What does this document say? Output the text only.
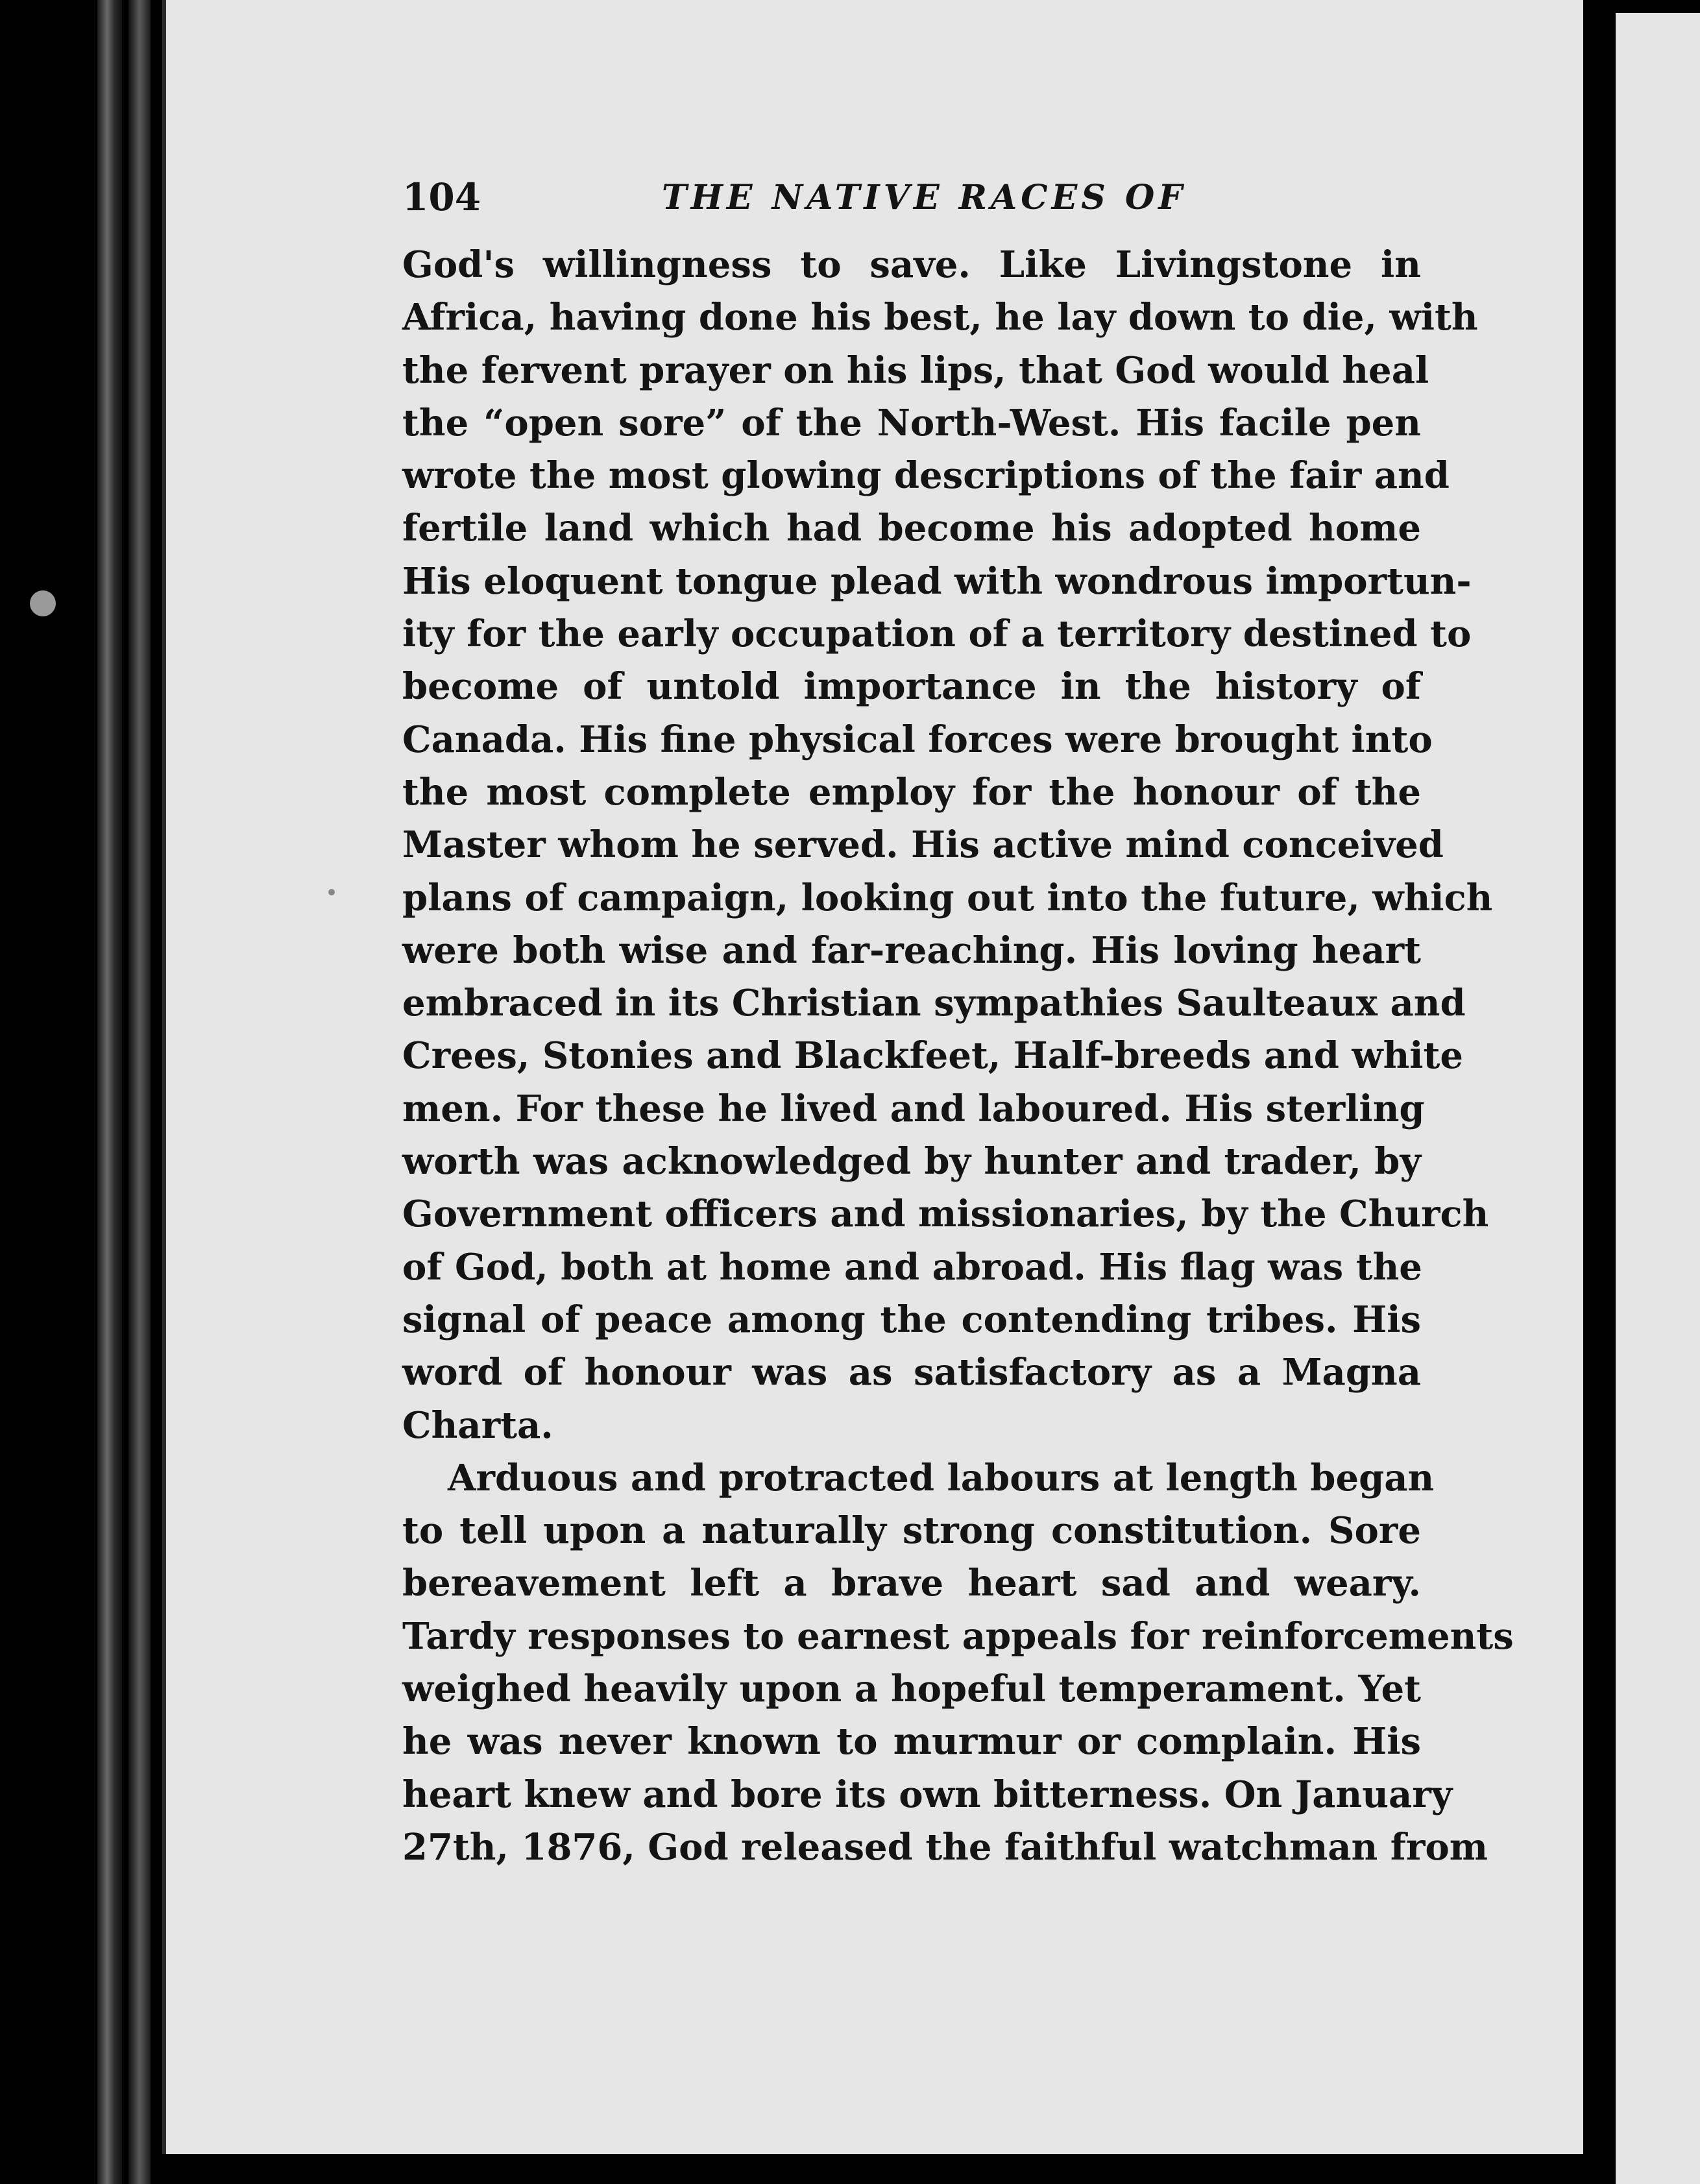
104	THE NATIVE RACES OF
God's willingness to save. Like Livingstone in
Africa, having done his best, he lay down to die, with
the fervent prayer on his lips, that God would heal
the “open sore” of the North-West. His facile pen
wrote the most glowing descriptions of the fair and
fertile land which had become his adopted home
His eloquent tongue plead with wondrous importun-
ity for the early occupation of a territory destined to
become of untold importance in the history of
Canada. His fine physical forces were brought into
the most complete employ for the honour of the
Master whom he served. His active mind conceived
plans of campaign, looking out into the future, which
were both wise and far-reaching. His loving heart
embraced in its Christian sympathies Saulteaux and
Crees, Stonies and Blackfeet, Half-breeds and white
men. For these he lived and laboured. His sterling
worth was acknowledged by hunter and trader, by
Government officers and missionaries, by the Church
of God, both at home and abroad. His flag was the
signal of peace among the contending tribes. His
word of honour was as satisfactory as a Magna
Charta.
Arduous and protracted labours at length began
to tell upon a naturally strong constitution. Sore
bereavement left a brave heart sad and weary.
Tardy responses to earnest appeals for reinforcements
weighed heavily upon a hopeful temperament. Yet
he was never known to murmur or complain. His
heart knew and bore its own bitterness. On January
27th, 1876, God released the faithful watchman from
